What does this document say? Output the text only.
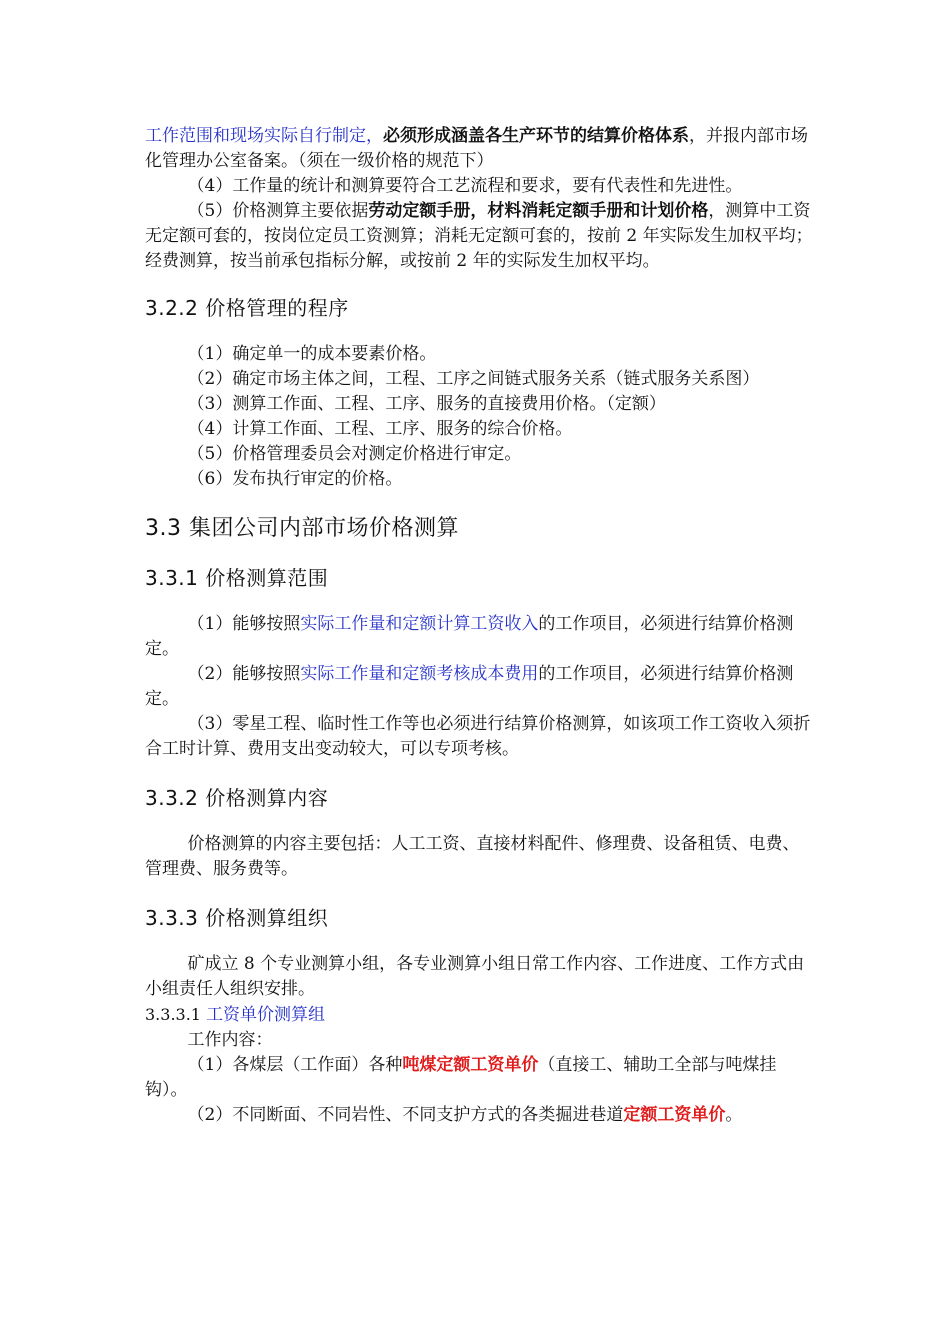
工作范围和现场实际自行制定，必须形成涵盖各生产环节的结算价格体系，并报内部市场化管理办公室备案。（须在一级价格的规范下）

（4）工作量的统计和测算要符合工艺流程和要求，要有代表性和先进性。

（5）价格测算主要依据劳动定额手册，材料消耗定额手册和计划价格，测算中工资无定额可套的，按岗位定员工资测算；消耗无定额可套的，按前 2 年实际发生加权平均；经费测算，按当前承包指标分解，或按前 2 年的实际发生加权平均。

3.2.2 价格管理的程序

（1）确定单一的成本要素价格。

（2）确定市场主体之间，工程、工序之间链式服务关系（链式服务关系图）

（3）测算工作面、工程、工序、服务的直接费用价格。（定额）

（4）计算工作面、工程、工序、服务的综合价格。

（5）价格管理委员会对测定价格进行审定。

（6）发布执行审定的价格。

3.3 集团公司内部市场价格测算
3.3.1 价格测算范围

（1）能够按照实际工作量和定额计算工资收入的工作项目，必须进行结算价格测定。

（2）能够按照实际工作量和定额考核成本费用的工作项目，必须进行结算价格测定。

（3）零星工程、临时性工作等也必须进行结算价格测算，如该项工作工资收入须折合工时计算、费用支出变动较大，可以专项考核。

3.3.2 价格测算内容

价格测算的内容主要包括：人工工资、直接材料配件、修理费、设备租赁、电费、管理费、服务费等。

3.3.3 价格测算组织

矿成立 8 个专业测算小组，各专业测算小组日常工作内容、工作进度、工作方式由小组责任人组织安排。

3.3.3.1 工资单价测算组

工作内容：

（1）各煤层（工作面）各种吨煤定额工资单价（直接工、辅助工全部与吨煤挂钩）。

（2）不同断面、不同岩性、不同支护方式的各类掘进巷道定额工资单价。
